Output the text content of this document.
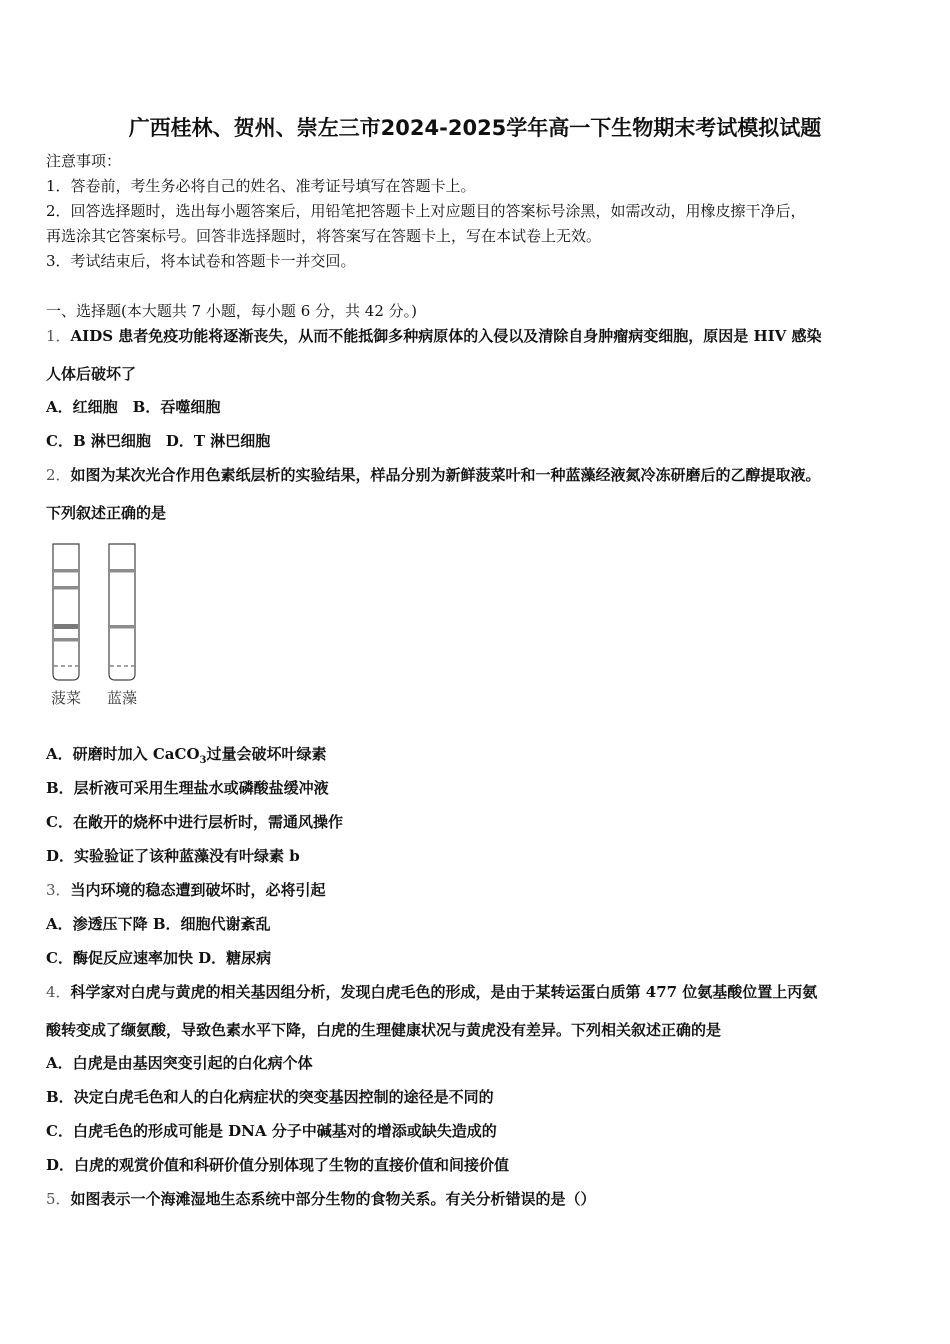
广西桂林、贺州、崇左三市2024-2025学年高一下生物期末考试模拟试题
注意事项：
1．答卷前，考生务必将自己的姓名、准考证号填写在答题卡上。
2．回答选择题时，选出每小题答案后，用铅笔把答题卡上对应题目的答案标号涂黑，如需改动，用橡皮擦干净后，
再选涂其它答案标号。回答非选择题时，将答案写在答题卡上，写在本试卷上无效。
3．考试结束后，将本试卷和答题卡一并交回。
一、选择题(本大题共 7 小题，每小题 6 分，共 42 分。)
1．AIDS 患者免疫功能将逐渐丧失，从而不能抵御多种病原体的入侵以及清除自身肿瘤病变细胞，原因是 HIV 感染
人体后破坏了
A．红细胞　B．吞噬细胞
C．B 淋巴细胞　D．T 淋巴细胞
2．如图为某次光合作用色素纸层析的实验结果，样品分别为新鲜菠菜叶和一种蓝藻经液氮冷冻研磨后的乙醇提取液。
下列叙述正确的是
菠菜 蓝藻
A．研磨时加入 CaCO$_3$过量会破坏叶绿素
B．层析液可采用生理盐水或磷酸盐缓冲液
C．在敞开的烧杯中进行层析时，需通风操作
D．实验验证了该种蓝藻没有叶绿素 b
3．当内环境的稳态遭到破坏时，必将引起
A．渗透压下降 B．细胞代谢紊乱
C．酶促反应速率加快 D．糖尿病
4．科学家对白虎与黄虎的相关基因组分析，发现白虎毛色的形成，是由于某转运蛋白质第 477 位氨基酸位置上丙氨
酸转变成了缬氨酸，导致色素水平下降，白虎的生理健康状况与黄虎没有差异。下列相关叙述正确的是
A．白虎是由基因突变引起的白化病个体
B．决定白虎毛色和人的白化病症状的突变基因控制的途径是不同的
C．白虎毛色的形成可能是 DNA 分子中碱基对的增添或缺失造成的
D．白虎的观赏价值和科研价值分别体现了生物的直接价值和间接价值
5．如图表示一个海滩湿地生态系统中部分生物的食物关系。有关分析错误的是（）
